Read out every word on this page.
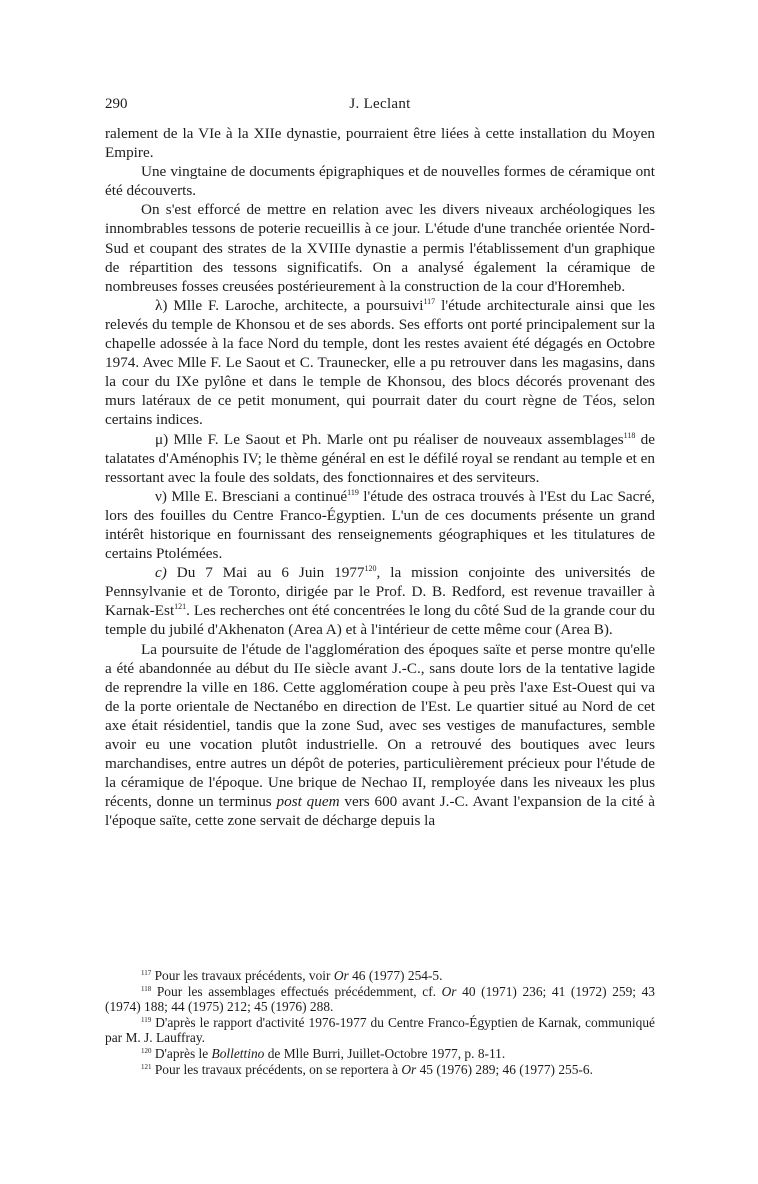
290	J. Leclant

ralement de la VIe à la XIIe dynastie, pourraient être liées à cette installation du Moyen Empire.

Une vingtaine de documents épigraphiques et de nouvelles formes de céramique ont été découverts.

On s'est efforcé de mettre en relation avec les divers niveaux archéologiques les innombrables tessons de poterie recueillis à ce jour. L'étude d'une tranchée orientée Nord-Sud et coupant des strates de la XVIIIe dynastie a permis l'établissement d'un graphique de répartition des tessons significatifs. On a analysé également la céramique de nombreuses fosses creusées postérieurement à la construction de la cour d'Horemheb.

λ) Mlle F. Laroche, architecte, a poursuivi$^{117}$ l'étude architecturale ainsi que les relevés du temple de Khonsou et de ses abords. Ses efforts ont porté principalement sur la chapelle adossée à la face Nord du temple, dont les restes avaient été dégagés en Octobre 1974. Avec Mlle F. Le Saout et C. Traunecker, elle a pu retrouver dans les magasins, dans la cour du IXe pylône et dans le temple de Khonsou, des blocs décorés provenant des murs latéraux de ce petit monument, qui pourrait dater du court règne de Téos, selon certains indices.

μ) Mlle F. Le Saout et Ph. Marle ont pu réaliser de nouveaux assemblages$^{118}$ de talatates d'Aménophis IV; le thème général en est le défilé royal se rendant au temple et en ressortant avec la foule des soldats, des fonctionnaires et des serviteurs.

ν) Mlle E. Bresciani a continué$^{119}$ l'étude des ostraca trouvés à l'Est du Lac Sacré, lors des fouilles du Centre Franco-Égyptien. L'un de ces documents présente un grand intérêt historique en fournissant des renseignements géographiques et les titulatures de certains Ptolémées.

c) Du 7 Mai au 6 Juin 1977$^{120}$, la mission conjointe des universités de Pennsylvanie et de Toronto, dirigée par le Prof. D. B. Redford, est revenue travailler à Karnak-Est$^{121}$. Les recherches ont été concentrées le long du côté Sud de la grande cour du temple du jubilé d'Akhenaton (Area A) et à l'intérieur de cette même cour (Area B).

La poursuite de l'étude de l'agglomération des époques saïte et perse montre qu'elle a été abandonnée au début du IIe siècle avant J.-C., sans doute lors de la tentative lagide de reprendre la ville en 186. Cette agglomération coupe à peu près l'axe Est-Ouest qui va de la porte orientale de Nectanébo en direction de l'Est. Le quartier situé au Nord de cet axe était résidentiel, tandis que la zone Sud, avec ses vestiges de manufactures, semble avoir eu une vocation plutôt industrielle. On a retrouvé des boutiques avec leurs marchandises, entre autres un dépôt de poteries, particulièrement précieux pour l'étude de la céramique de l'époque. Une brique de Nechao II, remployée dans les niveaux les plus récents, donne un terminus post quem vers 600 avant J.-C. Avant l'expansion de la cité à l'époque saïte, cette zone servait de décharge depuis la

$^{117}$ Pour les travaux précédents, voir Or 46 (1977) 254-5.

$^{118}$ Pour les assemblages effectués précédemment, cf. Or 40 (1971) 236; 41 (1972) 259; 43 (1974) 188; 44 (1975) 212; 45 (1976) 288.

$^{119}$ D'après le rapport d'activité 1976-1977 du Centre Franco-Égyptien de Karnak, communiqué par M. J. Lauffray.

$^{120}$ D'après le Bollettino de Mlle Burri, Juillet-Octobre 1977, p. 8-11.

$^{121}$ Pour les travaux précédents, on se reportera à Or 45 (1976) 289; 46 (1977) 255-6.
